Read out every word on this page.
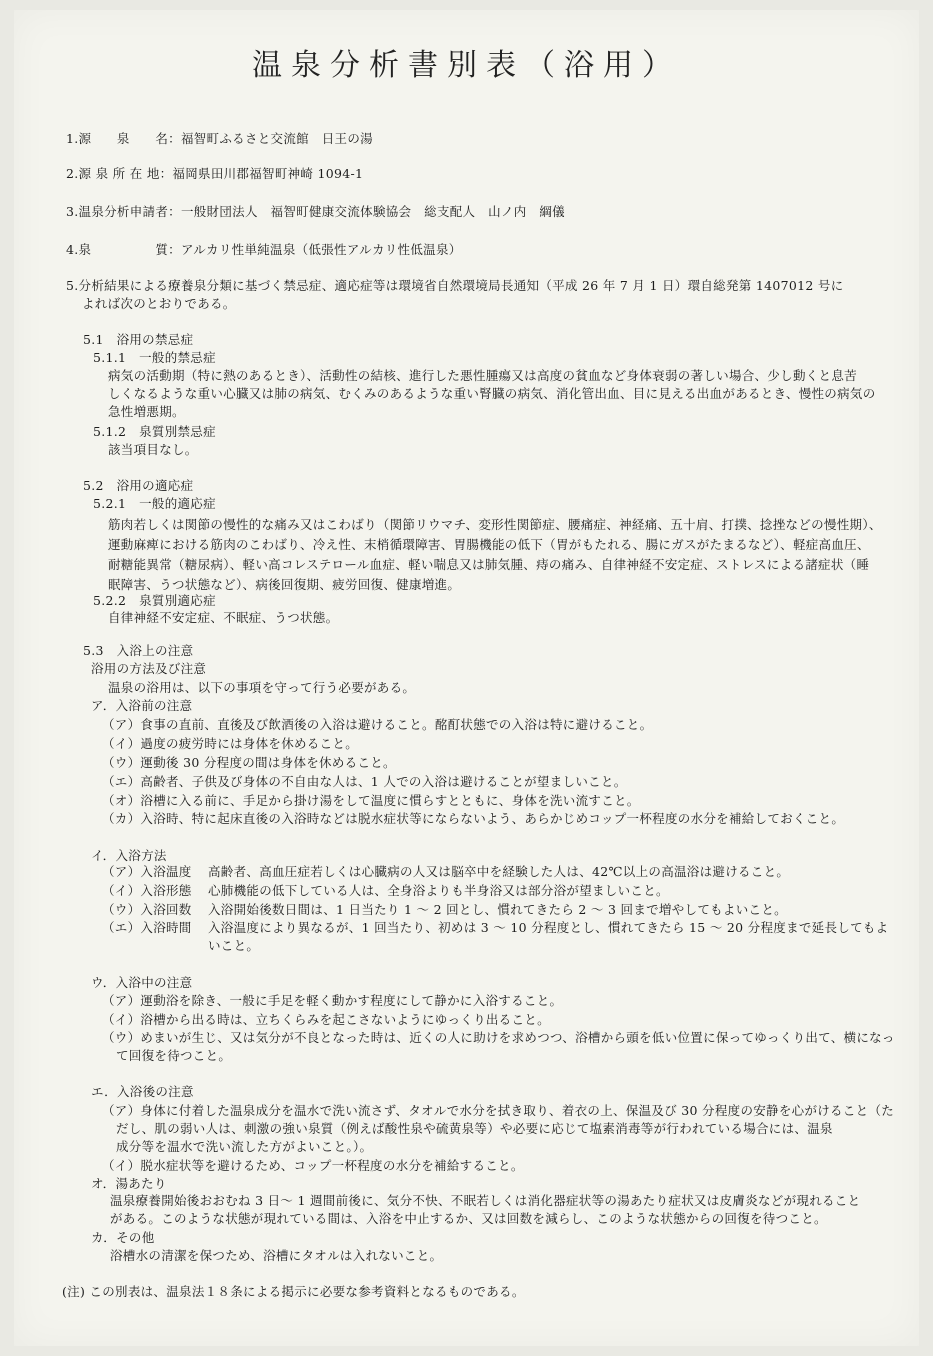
温泉分析書別表（浴用）
1.源　　泉　　名：福智町ふるさと交流館　日王の湯
2.源 泉 所 在 地：福岡県田川郡福智町神崎 1094-1
3.温泉分析申請者：一般財団法人　福智町健康交流体験協会　総支配人　山ノ内　綱儀
4.泉　　　　　質：アルカリ性単純温泉（低張性アルカリ性低温泉）
5.分析結果による療養泉分類に基づく禁忌症、適応症等は環境省自然環境局長通知（平成 26 年 7 月 1 日）環自総発第 1407012 号に
よれば次のとおりである。
5.1　浴用の禁忌症
5.1.1　一般的禁忌症
病気の活動期（特に熱のあるとき）、活動性の結核、進行した悪性腫瘍又は高度の貧血など身体衰弱の著しい場合、少し動くと息苦
しくなるような重い心臓又は肺の病気、むくみのあるような重い腎臓の病気、消化管出血、目に見える出血があるとき、慢性の病気の
急性増悪期。
5.1.2　泉質別禁忌症
該当項目なし。
5.2　浴用の適応症
5.2.1　一般的適応症
筋肉若しくは関節の慢性的な痛み又はこわばり（関節リウマチ、変形性関節症、腰痛症、神経痛、五十肩、打撲、捻挫などの慢性期）、
運動麻痺における筋肉のこわばり、冷え性、末梢循環障害、胃腸機能の低下（胃がもたれる、腸にガスがたまるなど）、軽症高血圧、
耐糖能異常（糖尿病）、軽い高コレステロール血症、軽い喘息又は肺気腫、痔の痛み、自律神経不安定症、ストレスによる諸症状（睡
眠障害、うつ状態など）、病後回復期、疲労回復、健康増進。
5.2.2　泉質別適応症
自律神経不安定症、不眠症、うつ状態。
5.3　入浴上の注意
浴用の方法及び注意
温泉の浴用は、以下の事項を守って行う必要がある。
ア．入浴前の注意
（ア）食事の直前、直後及び飲酒後の入浴は避けること。酩酊状態での入浴は特に避けること。
（イ）過度の疲労時には身体を休めること。
（ウ）運動後 30 分程度の間は身体を休めること。
（エ）高齢者、子供及び身体の不自由な人は、1 人での入浴は避けることが望ましいこと。
（オ）浴槽に入る前に、手足から掛け湯をして温度に慣らすとともに、身体を洗い流すこと。
（カ）入浴時、特に起床直後の入浴時などは脱水症状等にならないよう、あらかじめコップ一杯程度の水分を補給しておくこと。
イ．入浴方法
（ア）入浴温度 高齢者、高血圧症若しくは心臓病の人又は脳卒中を経験した人は、42℃以上の高温浴は避けること。
（イ）入浴形態 心肺機能の低下している人は、全身浴よりも半身浴又は部分浴が望ましいこと。
（ウ）入浴回数 入浴開始後数日間は、1 日当たり 1 ～ 2 回とし、慣れてきたら 2 ～ 3 回まで増やしてもよいこと。
（エ）入浴時間 入浴温度により異なるが、1 回当たり、初めは 3 ～ 10 分程度とし、慣れてきたら 15 ～ 20 分程度まで延長してもよ
いこと。
ウ．入浴中の注意
（ア）運動浴を除き、一般に手足を軽く動かす程度にして静かに入浴すること。
（イ）浴槽から出る時は、立ちくらみを起こさないようにゆっくり出ること。
（ウ）めまいが生じ、又は気分が不良となった時は、近くの人に助けを求めつつ、浴槽から頭を低い位置に保ってゆっくり出て、横になっ
て回復を待つこと。
エ．入浴後の注意
（ア）身体に付着した温泉成分を温水で洗い流さず、タオルで水分を拭き取り、着衣の上、保温及び 30 分程度の安静を心がけること（た
だし、肌の弱い人は、刺激の強い泉質（例えば酸性泉や硫黄泉等）や必要に応じて塩素消毒等が行われている場合には、温泉
成分等を温水で洗い流した方がよいこと。）。
（イ）脱水症状等を避けるため、コップ一杯程度の水分を補給すること。
オ．湯あたり
温泉療養開始後おおむね 3 日～ 1 週間前後に、気分不快、不眠若しくは消化器症状等の湯あたり症状又は皮膚炎などが現れること
がある。このような状態が現れている間は、入浴を中止するか、又は回数を減らし、このような状態からの回復を待つこと。
カ．その他
浴槽水の清潔を保つため、浴槽にタオルは入れないこと。
(注) この別表は、温泉法１８条による掲示に必要な参考資料となるものである。
